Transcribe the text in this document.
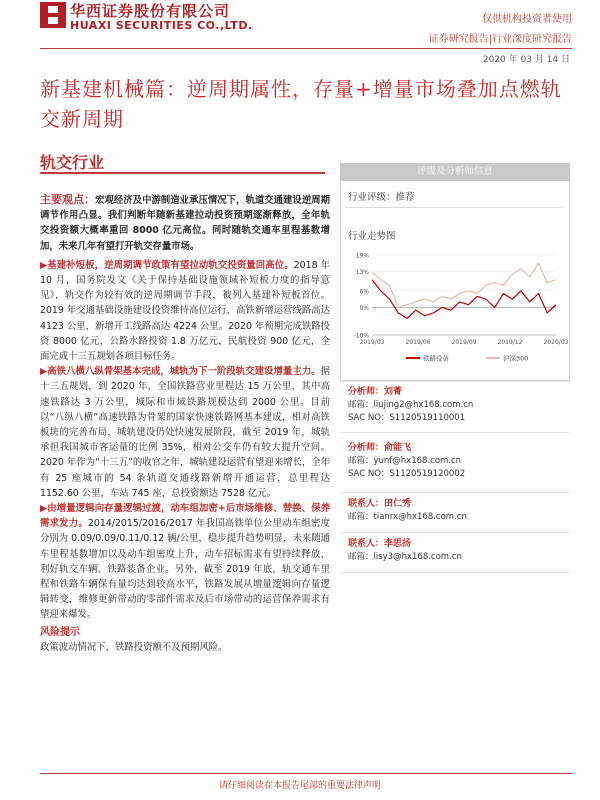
华西证券股份有限公司
HUAXI SECURITIES CO.,LTD.	仅供机构投资者使用
证券研究报告|行业深度研究报告
2020 年 03 月 14 日
新基建机械篇：逆周期属性，存量+增量市场叠加点燃轨交新周期
轨交行业

主要观点：宏观经济及中游制造业承压情况下，轨道交通建设逆周期调节作用凸显。我们判断年随新基建拉动投资预期逐渐释放，全年轨交投资额大概率重回 8000 亿元高位。同时随轨交通车里程基数增加，未来几年有望打开轨交存量市场。

▶基建补短板，逆周期调节政策有望拉动轨交投资量回高位。2018 年 10 月，国务院发文《关于保持基础设施领域补短板力度的指导意见》，轨交作为较有效的逆周期调节手段，被列入基建补短板首位。2019 年交通基础设施建设投资维持高位运行，高铁新增运营线路高达 4123 公里，新增开工线路高达 4224 公里。2020 年预期完成铁路投资 8000 亿元，公路水路投资 1.8 万亿元，民航投资 900 亿元，全面完成十三五规划各项目标任务。

▶高铁八横八纵骨架基本完成，城轨为下一阶段轨交建设增量主力。据十三五规划，到 2020 年，全国铁路营业里程达 15 万公里，其中高速铁路达 3 万公里，城际和市域铁路规模达到 2000 公里。目前以“八纵八横”高速铁路为骨架的国家快速铁路网基本建成，相对高铁板块的完善布局，城轨建设仍处快速发展阶段，截至 2019 年，城轨承担我国城市客运量的比例 35%，相对公交车仍有较大提升空间。2020 年作为“十三五”的收官之年，城轨建设运营有望迎来增长，全年有 25 座城市的 54 条轨道交通线路新增开通运营，总里程达 1152.60 公里，车站 745 座，总投资额达 7528 亿元。

▶由增量逻辑向存量逻辑过渡，动车组加密+后市场维修、替换、保养需求发力。2014/2015/2016/2017 年我国高铁单位公里动车组密度分别为 0.09/0.09/0.11/0.12 辆/公里，稳步提升趋势明显，未来随通车里程基数增加以及动车组密度上升，动车招标需求有望持续释放，利好轨交车辆、铁路装备企业。另外，截至 2019 年底，轨交通车里程和铁路车辆保有量均达到较高水平，铁路发展从增量逻辑向存量逻辑转变，维修更新带动的零部件需求及后市场带动的运营保养需求有望迎来爆发。

风险提示

政策波动情况下，铁路投资额不及预期风险。

评级及分析师信息
行业评级：推荐
行业走势图
-10%
0%
6%
13%
19%
2019/03	2019/06	2019/09	2019/12	2020/03
铁路设备	沪深300
分析师：刘菁
邮箱：liujing2@hx168.com.cn
SAC NO：S1120519110001
分析师：俞能飞
邮箱：yunf@hx168.com.cn
SAC NO：S1120519120002
联系人：田仁秀
邮箱：tianrx@hx168.com.cn
联系人：李思扬
邮箱：lisy3@hx168.com.cn
请仔细阅读在本报告尾部的重要法律声明
